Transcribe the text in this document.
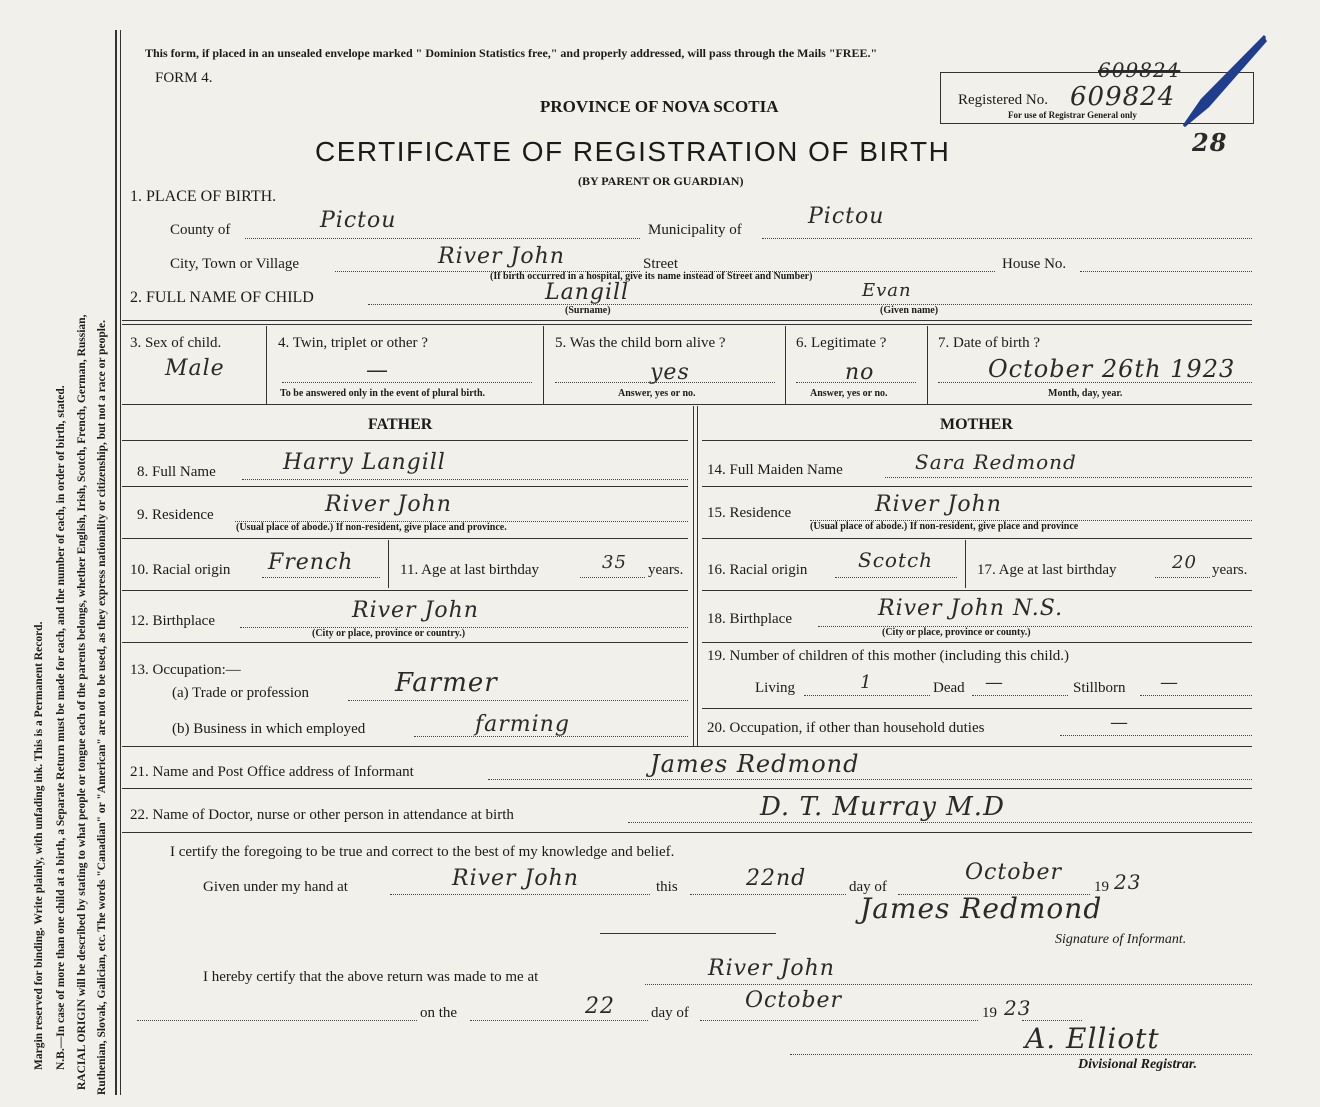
Margin reserved for binding. Write plainly, with unfading ink. This is a Permanent Record. N.B.—In case of more than one child at a birth, a Separate Return must be made for each, and the number of each, in order of birth, stated. RACIAL ORIGIN will be described by stating to what people or tongue each of the parents belongs, whether English, Irish, Scotch, French, German, Russian, Ruthenian, Slovak, Galician, etc. The words "Canadian" or "American" are not to be used, as they express nationality or citizenship, but not a race or people.
This form, if placed in an unsealed envelope marked " Dominion Statistics free," and properly addressed, will pass through the Mails "FREE."
FORM 4.
PROVINCE OF NOVA SCOTIA
CERTIFICATE OF REGISTRATION OF BIRTH
(BY PARENT OR GUARDIAN)
Registered No. 609824
For use of Registrar General only
609824
28
1. PLACE OF BIRTH.
County of	Pictou	Municipality of
Pictou
City, Town or Village	River John	Street	House No.
(If birth occurred in a hospital, give its name instead of Street and Number)
2. FULL NAME OF CHILD	Langill	Evan
(Surname)	(Given name)
3. Sex of child.
Male
4. Twin, triplet or other ?
—
To be answered only in the event of plural birth.
5. Was the child born alive ?
yes
Answer, yes or no.
6. Legitimate ?
no
Answer, yes or no.
7. Date of birth ?
October 26th 1923
Month, day, year.
FATHER	MOTHER
8. Full Name	Harry Langill
9. Residence	River John
(Usual place of abode.) If non-resident, give place and province.
10. Racial origin French	11. Age at last birthday	35 years.
12. Birthplace	River John
(City or place, province or country.)
13. Occupation:—
(a) Trade or profession	Farmer
(b) Business in which employed	farming
14. Full Maiden Name	Sara Redmond
15. Residence	River John
(Usual place of abode.) If non-resident, give place and province
16. Racial origin	Scotch	17. Age at last birthday	20 years.
18. Birthplace	River John N.S.
(City or place, province or county.)
19. Number of children of this mother (including this child.)
Living	1	Dead —	Stillborn —
20. Occupation, if other than household duties	—
21. Name and Post Office address of Informant	James Redmond
22. Name of Doctor, nurse or other person in attendance at birth	D. T. Murray M.D
I certify the foregoing to be true and correct to the best of my knowledge and belief.
Given under my hand at	River John	this	22nd	day of
October
19 23
James Redmond
Signature of Informant.
I hereby certify that the above return was made to me at	River John
on the	22 day of	October	19 23
A. Elliott
Divisional Registrar.
